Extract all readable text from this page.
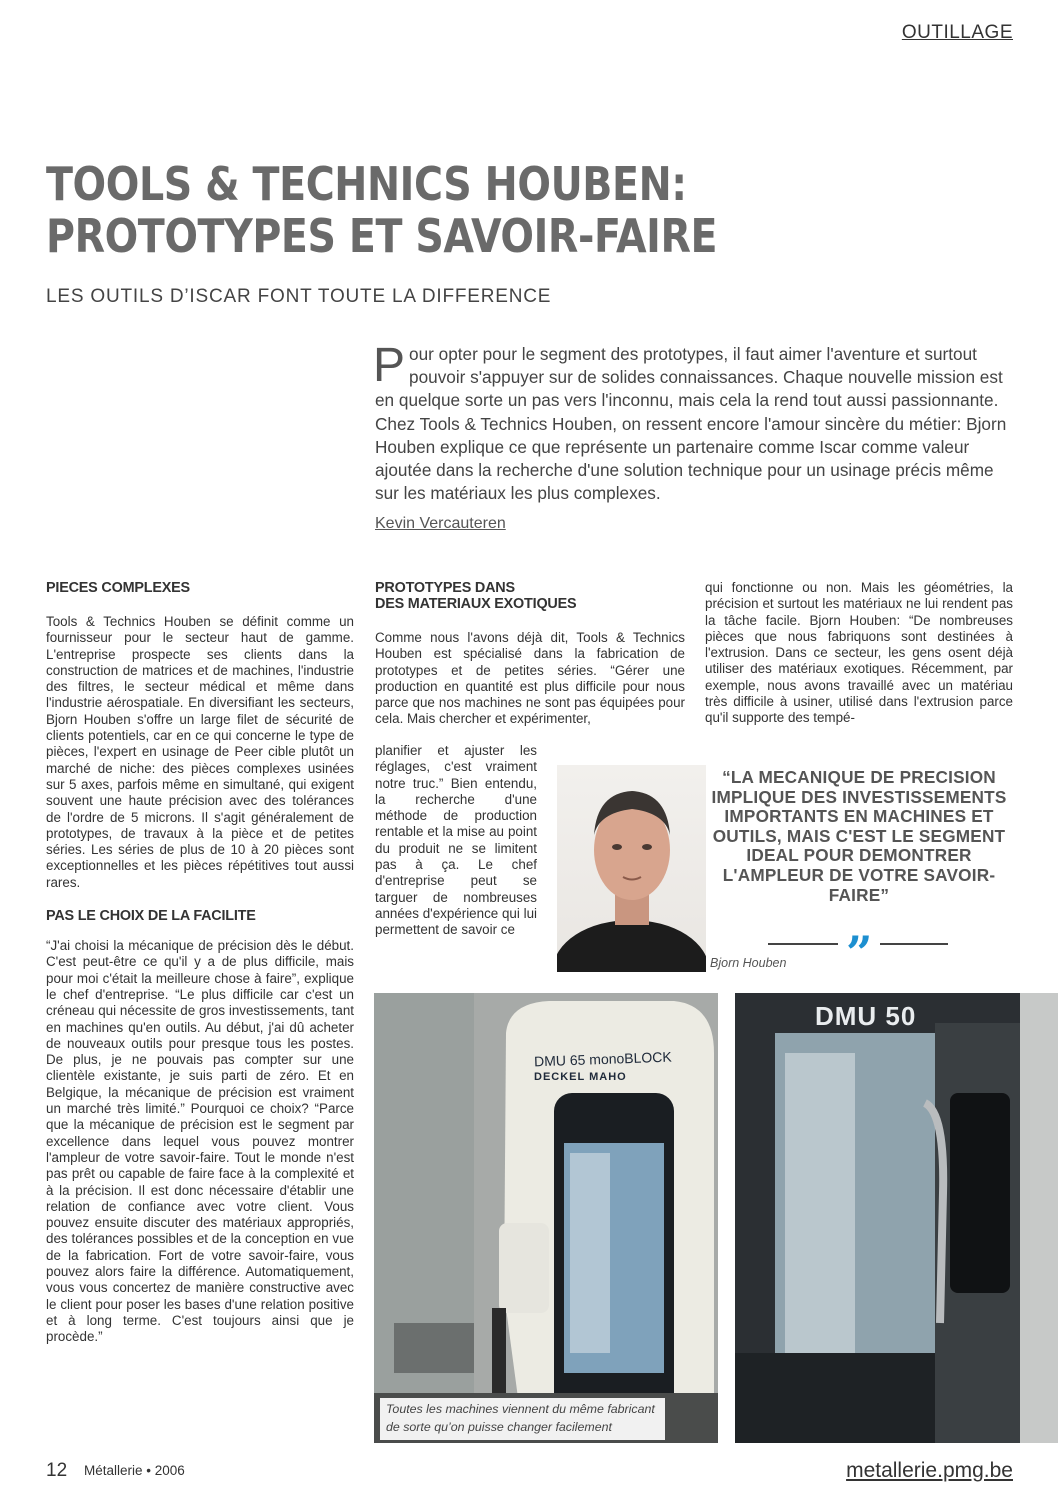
OUTILLAGE
TOOLS & TECHNICS HOUBEN:
PROTOTYPES ET SAVOIR-FAIRE
LES OUTILS D’ISCAR FONT TOUTE LA DIFFERENCE
Pour opter pour le segment des prototypes, il faut aimer l'aventure et surtout pouvoir s'appuyer sur de solides connaissances. Chaque nouvelle mission est en quelque sorte un pas vers l'inconnu, mais cela la rend tout aussi passionnante. Chez Tools & Technics Houben, on ressent encore l'amour sincère du métier: Bjorn Houben explique ce que représente un partenaire comme Iscar comme valeur ajoutée dans la recherche d'une solution technique pour un usinage précis même sur les matériaux les plus complexes.
Kevin Vercauteren
PIECES COMPLEXES

Tools & Technics Houben se définit comme un fournisseur pour le secteur haut de gamme. L'entreprise prospecte ses clients dans la construction de matrices et de machines, l'industrie des filtres, le secteur médical et même dans l'industrie aérospatiale. En diversifiant les secteurs, Bjorn Houben s'offre un large filet de sécurité de clients potentiels, car en ce qui concerne le type de pièces, l'expert en usinage de Peer cible plutôt un marché de niche: des pièces complexes usinées sur 5 axes, parfois même en simultané, qui exigent souvent une haute précision avec des tolérances de l'ordre de 5 microns. Il s'agit généralement de prototypes, de travaux à la pièce et de petites séries. Les séries de plus de 10 à 20 pièces sont exceptionnelles et les pièces répétitives tout aussi rares.

PAS LE CHOIX DE LA FACILITE

“J'ai choisi la mécanique de précision dès le début. C'est peut-être ce qu'il y a de plus difficile, mais pour moi c'était la meilleure chose à faire”, explique le chef d'entreprise. “Le plus difficile car c'est un créneau qui nécessite de gros investissements, tant en machines qu'en outils. Au début, j'ai dû acheter de nouveaux outils pour presque tous les postes. De plus, je ne pouvais pas compter sur une clientèle existante, je suis parti de zéro. Et en Belgique, la mécanique de précision est vraiment un marché très limité.” Pourquoi ce choix? “Parce que la mécanique de précision est le segment par excellence dans lequel vous pouvez montrer l'ampleur de votre savoir-faire. Tout le monde n'est pas prêt ou capable de faire face à la complexité et à la précision. Il est donc nécessaire d'établir une relation de confiance avec votre client. Vous pouvez ensuite discuter des matériaux appropriés, des tolérances possibles et de la conception en vue de la fabrication. Fort de votre savoir-faire, vous pouvez alors faire la différence. Automatiquement, vous vous concertez de manière constructive avec le client pour poser les bases d'une relation positive et à long terme. C'est toujours ainsi que je procède.”

PROTOTYPES DANS
DES MATERIAUX EXOTIQUES

Comme nous l'avons déjà dit, Tools & Technics Houben est spécialisé dans la fabrication de prototypes et de petites séries. “Gérer une production en quantité est plus difficile pour nous parce que nos machines ne sont pas équipées pour cela. Mais chercher et expérimenter,

planifier et ajuster les réglages, c'est vraiment notre truc.” Bien entendu, la recherche d'une méthode de production rentable et la mise au point du produit ne se limitent pas à ça. Le chef d'entreprise peut se targuer de nombreuses années d'expérience qui lui permettent de savoir ce

qui fonctionne ou non. Mais les géométries, la précision et surtout les matériaux ne lui rendent pas la tâche facile. Bjorn Houben: “De nombreuses pièces que nous fabriquons sont destinées à l'extrusion. Dans ce secteur, les gens osent déjà utiliser des matériaux exotiques. Récemment, par exemple, nous avons travaillé avec un matériau très difficile à usiner, utilisé dans l'extrusion parce qu'il supporte des tempé-

“LA MECANIQUE DE PRECISION IMPLIQUE DES INVESTISSEMENTS IMPORTANTS EN MACHINES ET OUTILS, MAIS C'EST LE SEGMENT IDEAL POUR DEMONTRER L'AMPLEUR DE VOTRE SAVOIR-FAIRE”
”
Bjorn Houben
DMU 65 monoBLOCK
DECKEL MAHO
Toutes les machines viennent du même fabricant de sorte qu’on puisse changer facilement
DMU 50
12 Métallerie • 2006	metallerie.pmg.be
